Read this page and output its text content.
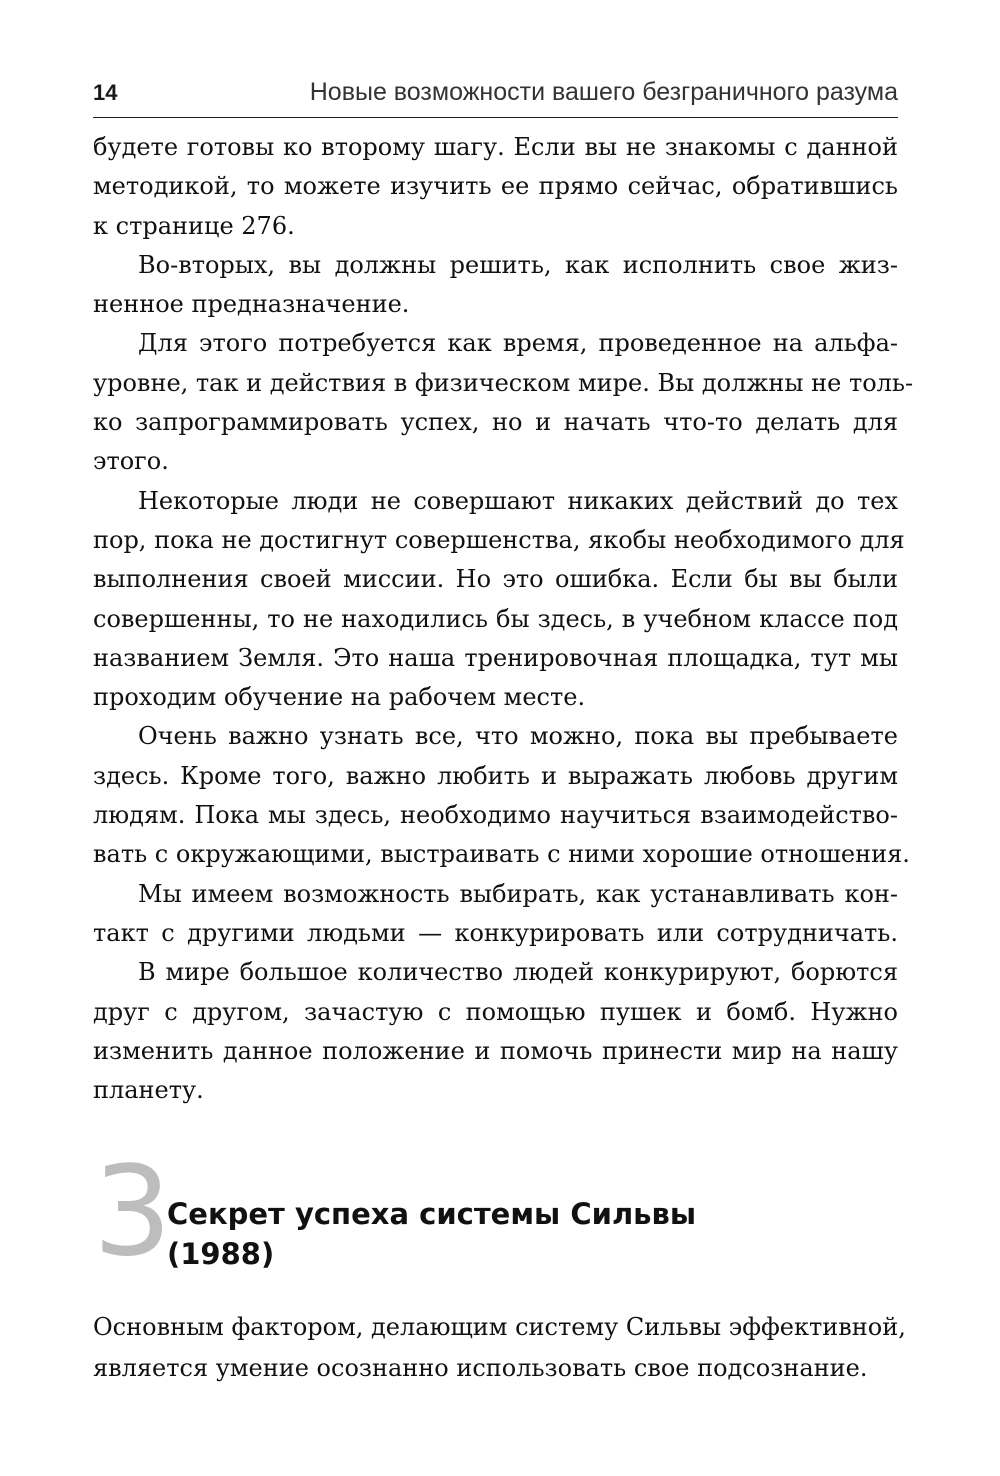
14	Новые возможности вашего безграничного разума

будете готовы ко второму шагу. Если вы не знакомы с данной
методикой, то можете изучить ее прямо сейчас, обратившись
к странице 276.

Во-вторых, вы должны решить, как исполнить свое жиз-
ненное предназначение.

Для этого потребуется как время, проведенное на альфа-
уровне, так и действия в физическом мире. Вы должны не толь-
ко запрограммировать успех, но и начать что-то делать для
этого.

Некоторые люди не совершают никаких действий до тех
пор, пока не достигнут совершенства, якобы необходимого для
выполнения своей миссии. Но это ошибка. Если бы вы были
совершенны, то не находились бы здесь, в учебном классе под
названием Земля. Это наша тренировочная площадка, тут мы
проходим обучение на рабочем месте.

Очень важно узнать все, что можно, пока вы пребываете
здесь. Кроме того, важно любить и выражать любовь другим
людям. Пока мы здесь, необходимо научиться взаимодейство-
вать с окружающими, выстраивать с ними хорошие отношения.

Мы имеем возможность выбирать, как устанавливать кон-
такт с другими людьми — конкурировать или сотрудничать.

В мире большое количество людей конкурируют, борются
друг с другом, зачастую с помощью пушек и бомб. Нужно
изменить данное положение и помочь принести мир на нашу
планету.

3
Секрет успеха системы Сильвы
(1988)

Основным фактором, делающим систему Сильвы эффективной,
является умение осознанно использовать свое подсознание.
